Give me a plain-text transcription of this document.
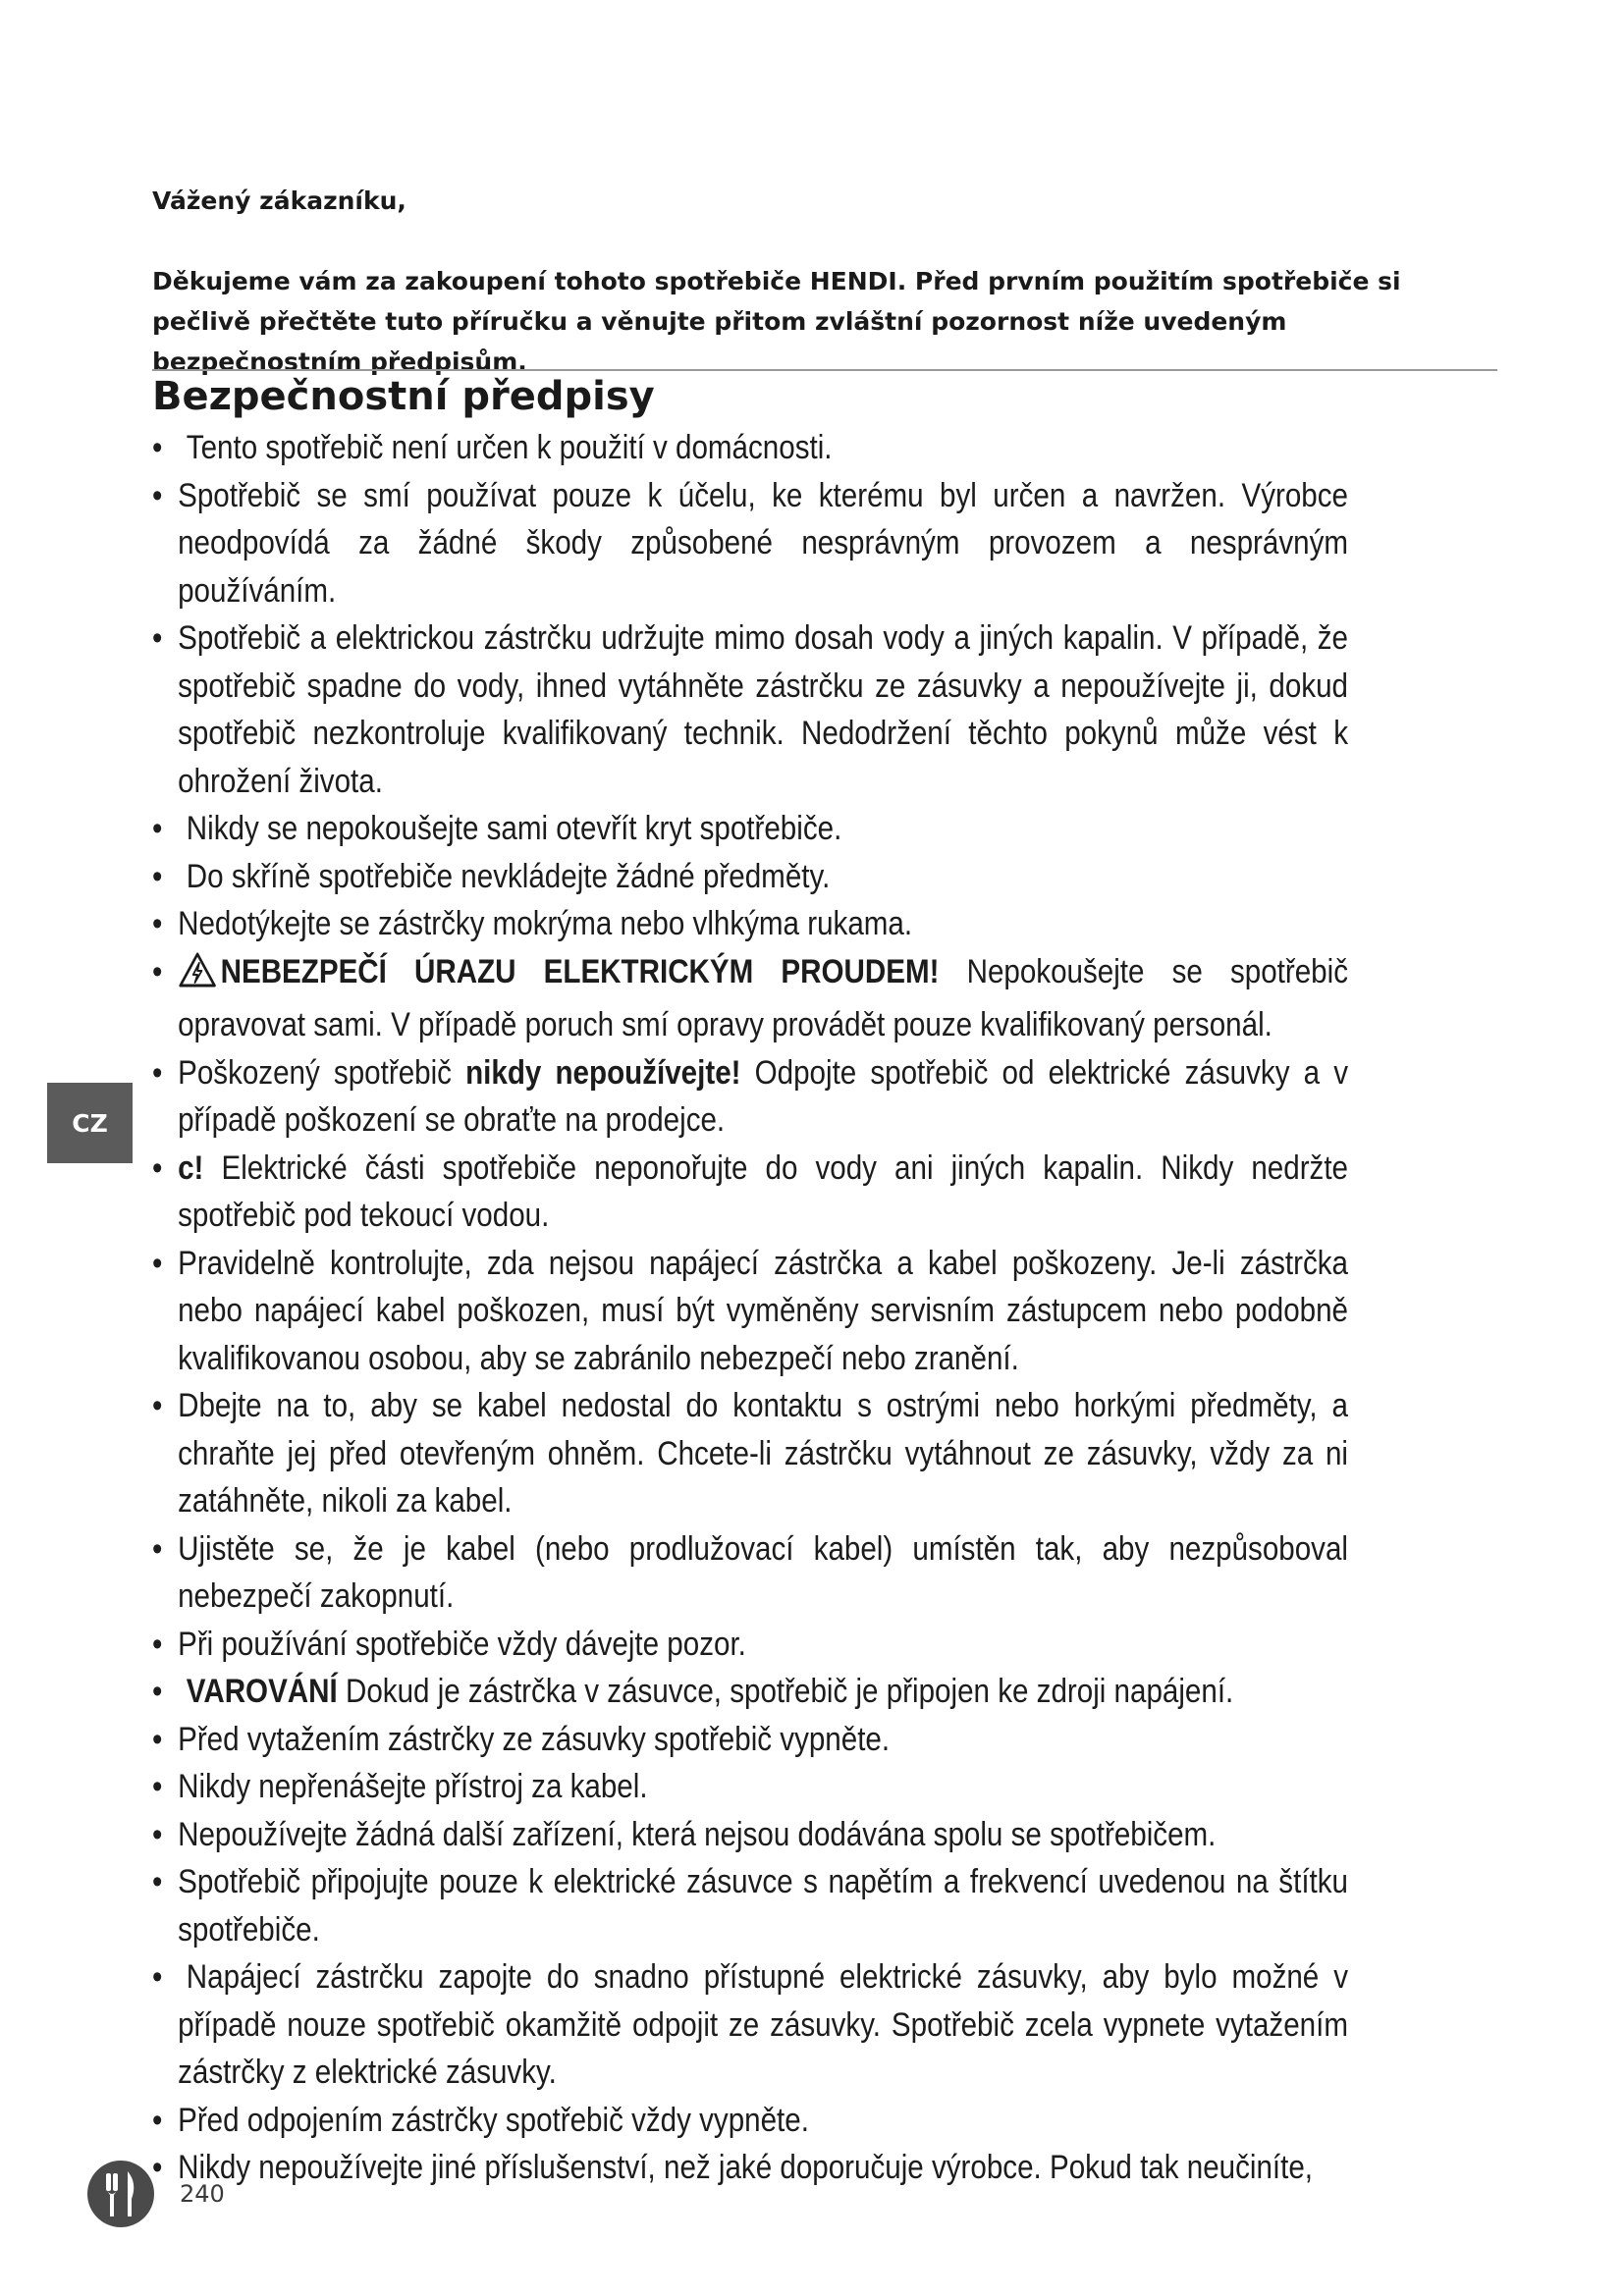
Vážený zákazníku,
Děkujeme vám za zakoupení tohoto spotřebiče HENDI. Před prvním použitím spotřebiče si pečlivě přečtěte tuto příručku a věnujte přitom zvláštní pozornost níže uvedeným bezpečnostním předpisům.
Bezpečnostní předpisy
• Tento spotřebič není určen k použití v domácnosti.
• Spotřebič se smí používat pouze k účelu, ke kterému byl určen a navržen. Výrobce neodpovídá za žádné škody způsobené nesprávným provozem a nesprávným používáním.
• Spotřebič a elektrickou zástrčku udržujte mimo dosah vody a jiných kapalin. V případě, že spotřebič spadne do vody, ihned vytáhněte zástrčku ze zásuvky a nepoužívejte ji, dokud spotřebič nezkontroluje kvalifikovaný technik. Nedodržení těchto pokynů může vést k ohrožení života.
• Nikdy se nepokoušejte sami otevřít kryt spotřebiče.
• Do skříně spotřebiče nevkládejte žádné předměty.
• Nedotýkejte se zástrčky mokrýma nebo vlhkýma rukama.
• NEBEZPEČÍ ÚRAZU ELEKTRICKÝM PROUDEM! Nepokoušejte se spotřebič opravovat sami. V případě poruch smí opravy provádět pouze kvalifikovaný personál.
• Poškozený spotřebič nikdy nepoužívejte! Odpojte spotřebič od elektrické zásuvky a v případě poškození se obraťte na prodejce.
• c! Elektrické části spotřebiče neponořujte do vody ani jiných kapalin. Nikdy nedržte spotřebič pod tekoucí vodou.
• Pravidelně kontrolujte, zda nejsou napájecí zástrčka a kabel poškozeny. Je-li zástrčka nebo napájecí kabel poškozen, musí být vyměněny servisním zástupcem nebo podobně kvalifikovanou osobou, aby se zabránilo nebezpečí nebo zranění.
• Dbejte na to, aby se kabel nedostal do kontaktu s ostrými nebo horkými předměty, a chraňte jej před otevřeným ohněm. Chcete-li zástrčku vytáhnout ze zásuvky, vždy za ni zatáhněte, nikoli za kabel.
• Ujistěte se, že je kabel (nebo prodlužovací kabel) umístěn tak, aby nezpůsoboval nebezpečí zakopnutí.
• Při používání spotřebiče vždy dávejte pozor.
• VAROVÁNÍ Dokud je zástrčka v zásuvce, spotřebič je připojen ke zdroji napájení.
• Před vytažením zástrčky ze zásuvky spotřebič vypněte.
• Nikdy nepřenášejte přístroj za kabel.
• Nepoužívejte žádná další zařízení, která nejsou dodávána spolu se spotřebičem.
• Spotřebič připojujte pouze k elektrické zásuvce s napětím a frekvencí uvedenou na štítku spotřebiče.
• Napájecí zástrčku zapojte do snadno přístupné elektrické zásuvky, aby bylo možné v případě nouze spotřebič okamžitě odpojit ze zásuvky. Spotřebič zcela vypnete vytažením zástrčky z elektrické zásuvky.
• Před odpojením zástrčky spotřebič vždy vypněte.
• Nikdy nepoužívejte jiné příslušenství, než jaké doporučuje výrobce. Pokud tak neučiníte,
CZ
240
